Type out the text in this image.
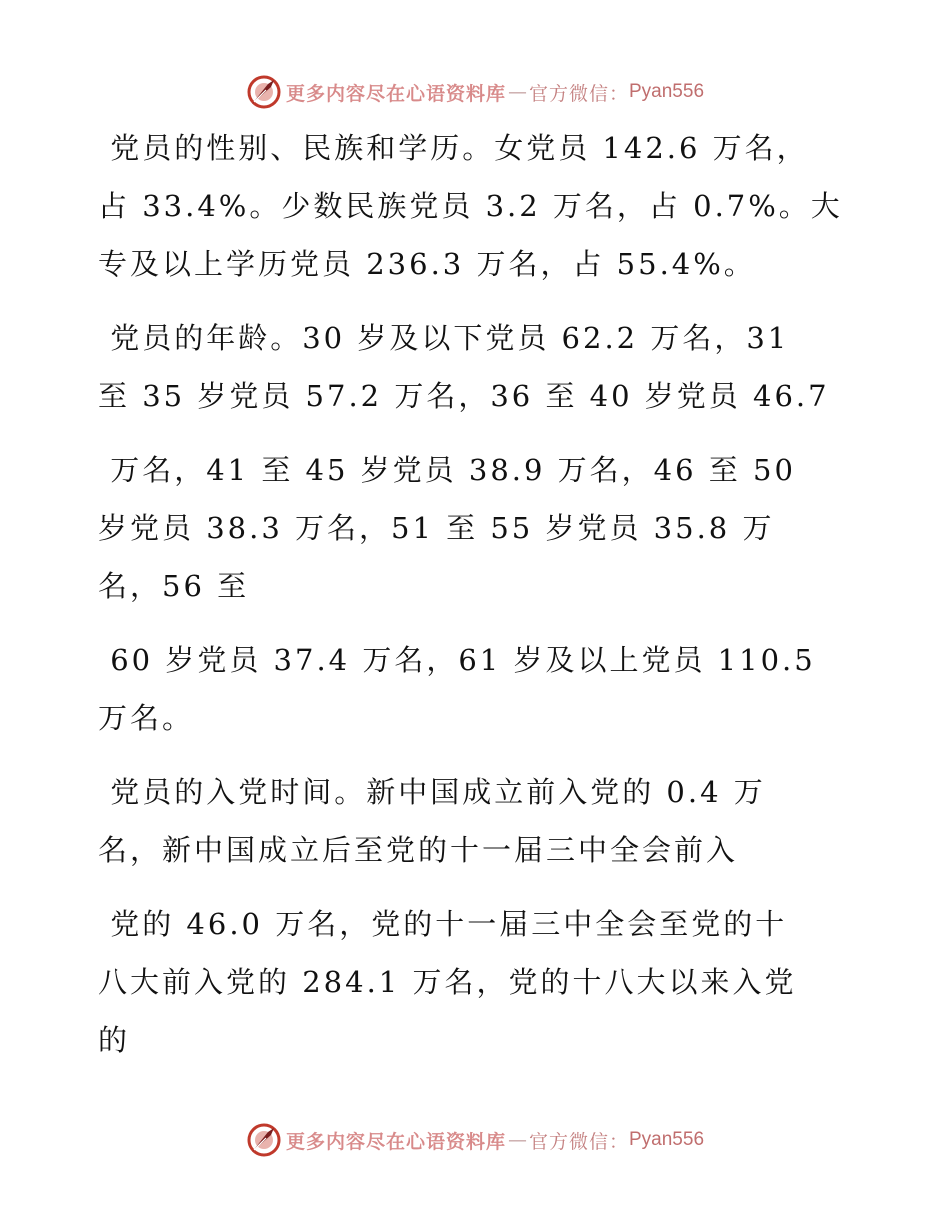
更多内容尽在心语资料库 — 官方微信： Pyan556
党员的性别、民族和学历。女党员 142.6 万名，
占 33.4%。少数民族党员 3.2 万名，占 0.7%。大
专及以上学历党员 236.3 万名，占 55.4%。
党员的年龄。30 岁及以下党员 62.2 万名，31
至 35 岁党员 57.2 万名，36 至 40 岁党员 46.7
万名，41 至 45 岁党员 38.9 万名，46 至 50
岁党员 38.3 万名，51 至 55 岁党员 35.8 万
名，56 至
60 岁党员 37.4 万名，61 岁及以上党员 110.5
万名。
党员的入党时间。新中国成立前入党的 0.4 万
名，新中国成立后至党的十一届三中全会前入
党的 46.0 万名，党的十一届三中全会至党的十
八大前入党的 284.1 万名，党的十八大以来入党
的
更多内容尽在心语资料库 — 官方微信： Pyan556
